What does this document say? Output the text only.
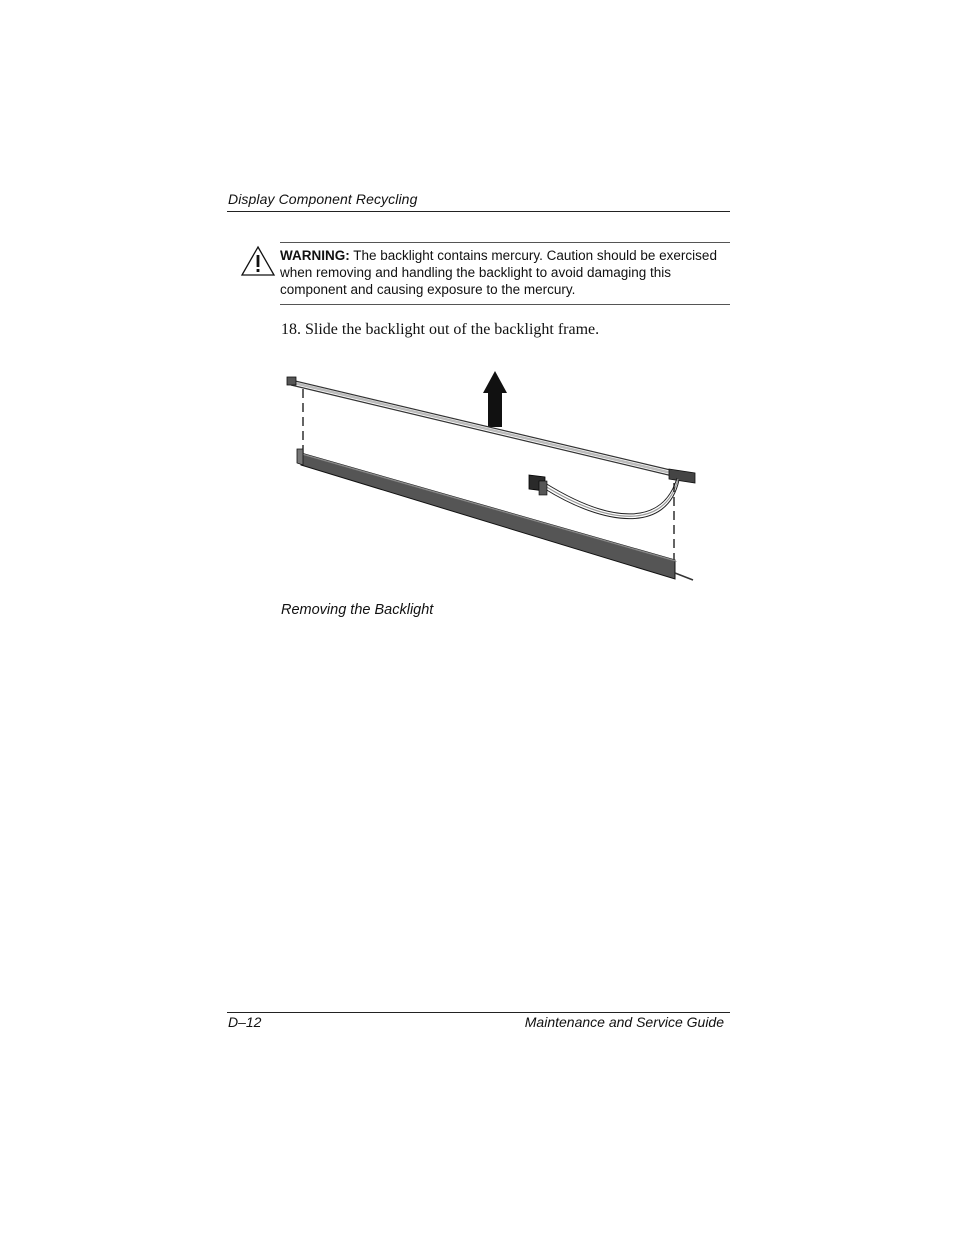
Display Component Recycling
WARNING: The backlight contains mercury. Caution should be exercised when removing and handling the backlight to avoid damaging this component and causing exposure to the mercury.
18. Slide the backlight out of the backlight frame.
Removing the Backlight
D–12	Maintenance and Service Guide
